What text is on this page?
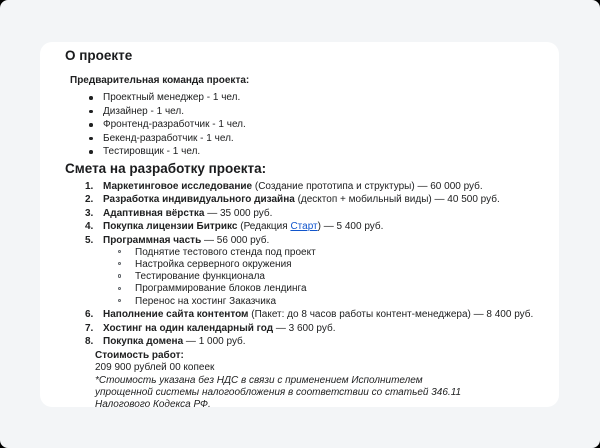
О проекте
Предварительная команда проекта:
Проектный менеджер - 1 чел.
Дизайнер - 1 чел.
Фронтенд-разработчик - 1 чел.
Бекенд-разработчик - 1 чел.
Тестировщик - 1 чел.
Смета на разработку проекта:
1. Маркетинговое исследование (Создание прототипа и структуры) — 60 000 руб.
2. Разработка индивидуального дизайна (десктоп + мобильный виды) — 40 500 руб.
3. Адаптивная вёрстка — 35 000 руб.
4. Покупка лицензии Битрикс (Редакция Старт) — 5 400 руб.
5. Программная часть — 56 000 руб.
Поднятие тестового стенда под проект
Настройка серверного окружения
Тестирование функционала
Программирование блоков лендинга
Перенос на хостинг Заказчика
6. Наполнение сайта контентом (Пакет: до 8 часов работы контент-менеджера) — 8 400 руб.
7. Хостинг на один календарный год — 3 600 руб.
8. Покупка домена — 1 000 руб.
Стоимость работ:
209 900 рублей 00 копеек
*Стоимость указана без НДС в связи с применением Исполнителем упрощенной системы налогообложения в соответствии со статьей 346.11 Налогового Кодекса РФ.
